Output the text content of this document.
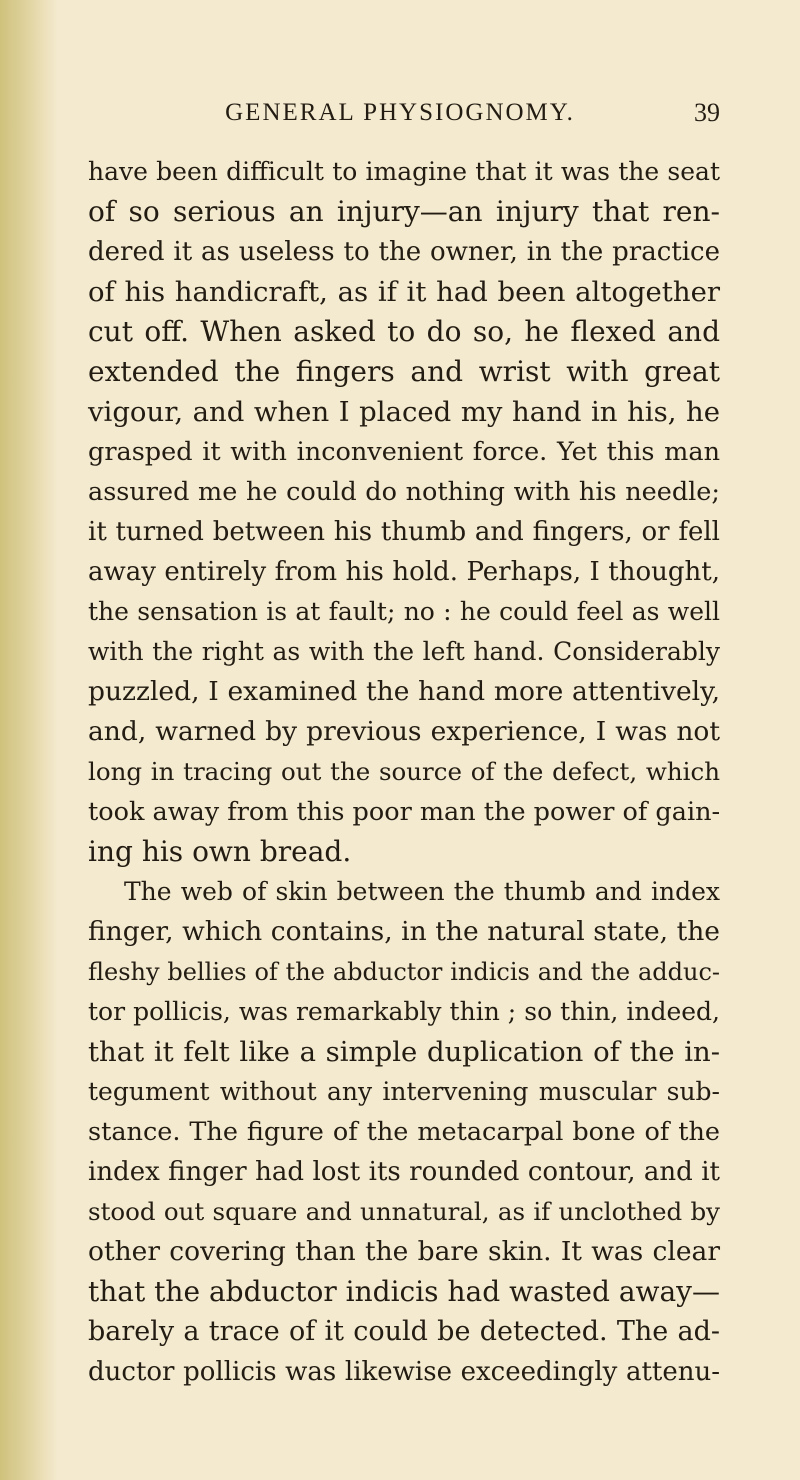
GENERAL PHYSIOGNOMY.	39
have been difficult to imagine that it was the seat
of so serious an injury—an injury that ren-
dered it as useless to the owner, in the practice
of his handicraft, as if it had been altogether
cut off. When asked to do so, he flexed and
extended the fingers and wrist with great
vigour, and when I placed my hand in his, he
grasped it with inconvenient force. Yet this man
assured me he could do nothing with his needle;
it turned between his thumb and fingers, or fell
away entirely from his hold. Perhaps, I thought,
the sensation is at fault; no : he could feel as well
with the right as with the left hand. Considerably
puzzled, I examined the hand more attentively,
and, warned by previous experience, I was not
long in tracing out the source of the defect, which
took away from this poor man the power of gain-
ing his own bread.
The web of skin between the thumb and index
finger, which contains, in the natural state, the
fleshy bellies of the abductor indicis and the adduc-
tor pollicis, was remarkably thin ; so thin, indeed,
that it felt like a simple duplication of the in-
tegument without any intervening muscular sub-
stance. The figure of the metacarpal bone of the
index finger had lost its rounded contour, and it
stood out square and unnatural, as if unclothed by
other covering than the bare skin. It was clear
that the abductor indicis had wasted away—
barely a trace of it could be detected. The ad-
ductor pollicis was likewise exceedingly attenu-
